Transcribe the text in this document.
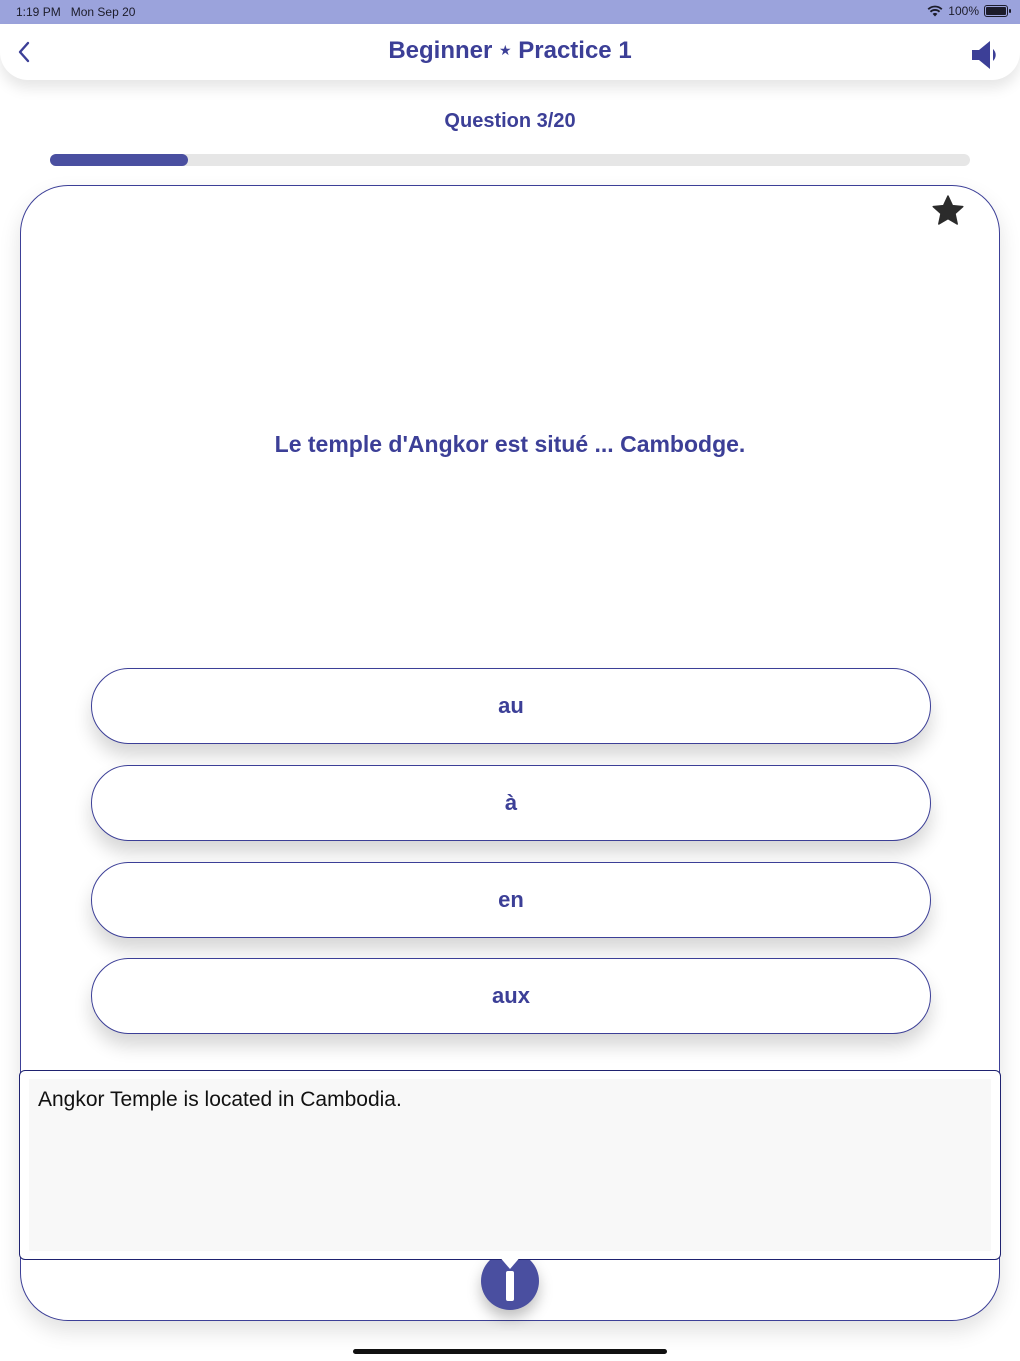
1:19 PM Mon Sep 20	100%
Beginner ★ Practice 1
Question 3/20
Le temple d'Angkor est situé ... Cambodge.
au
à
en
aux
Angkor Temple is located in Cambodia.
